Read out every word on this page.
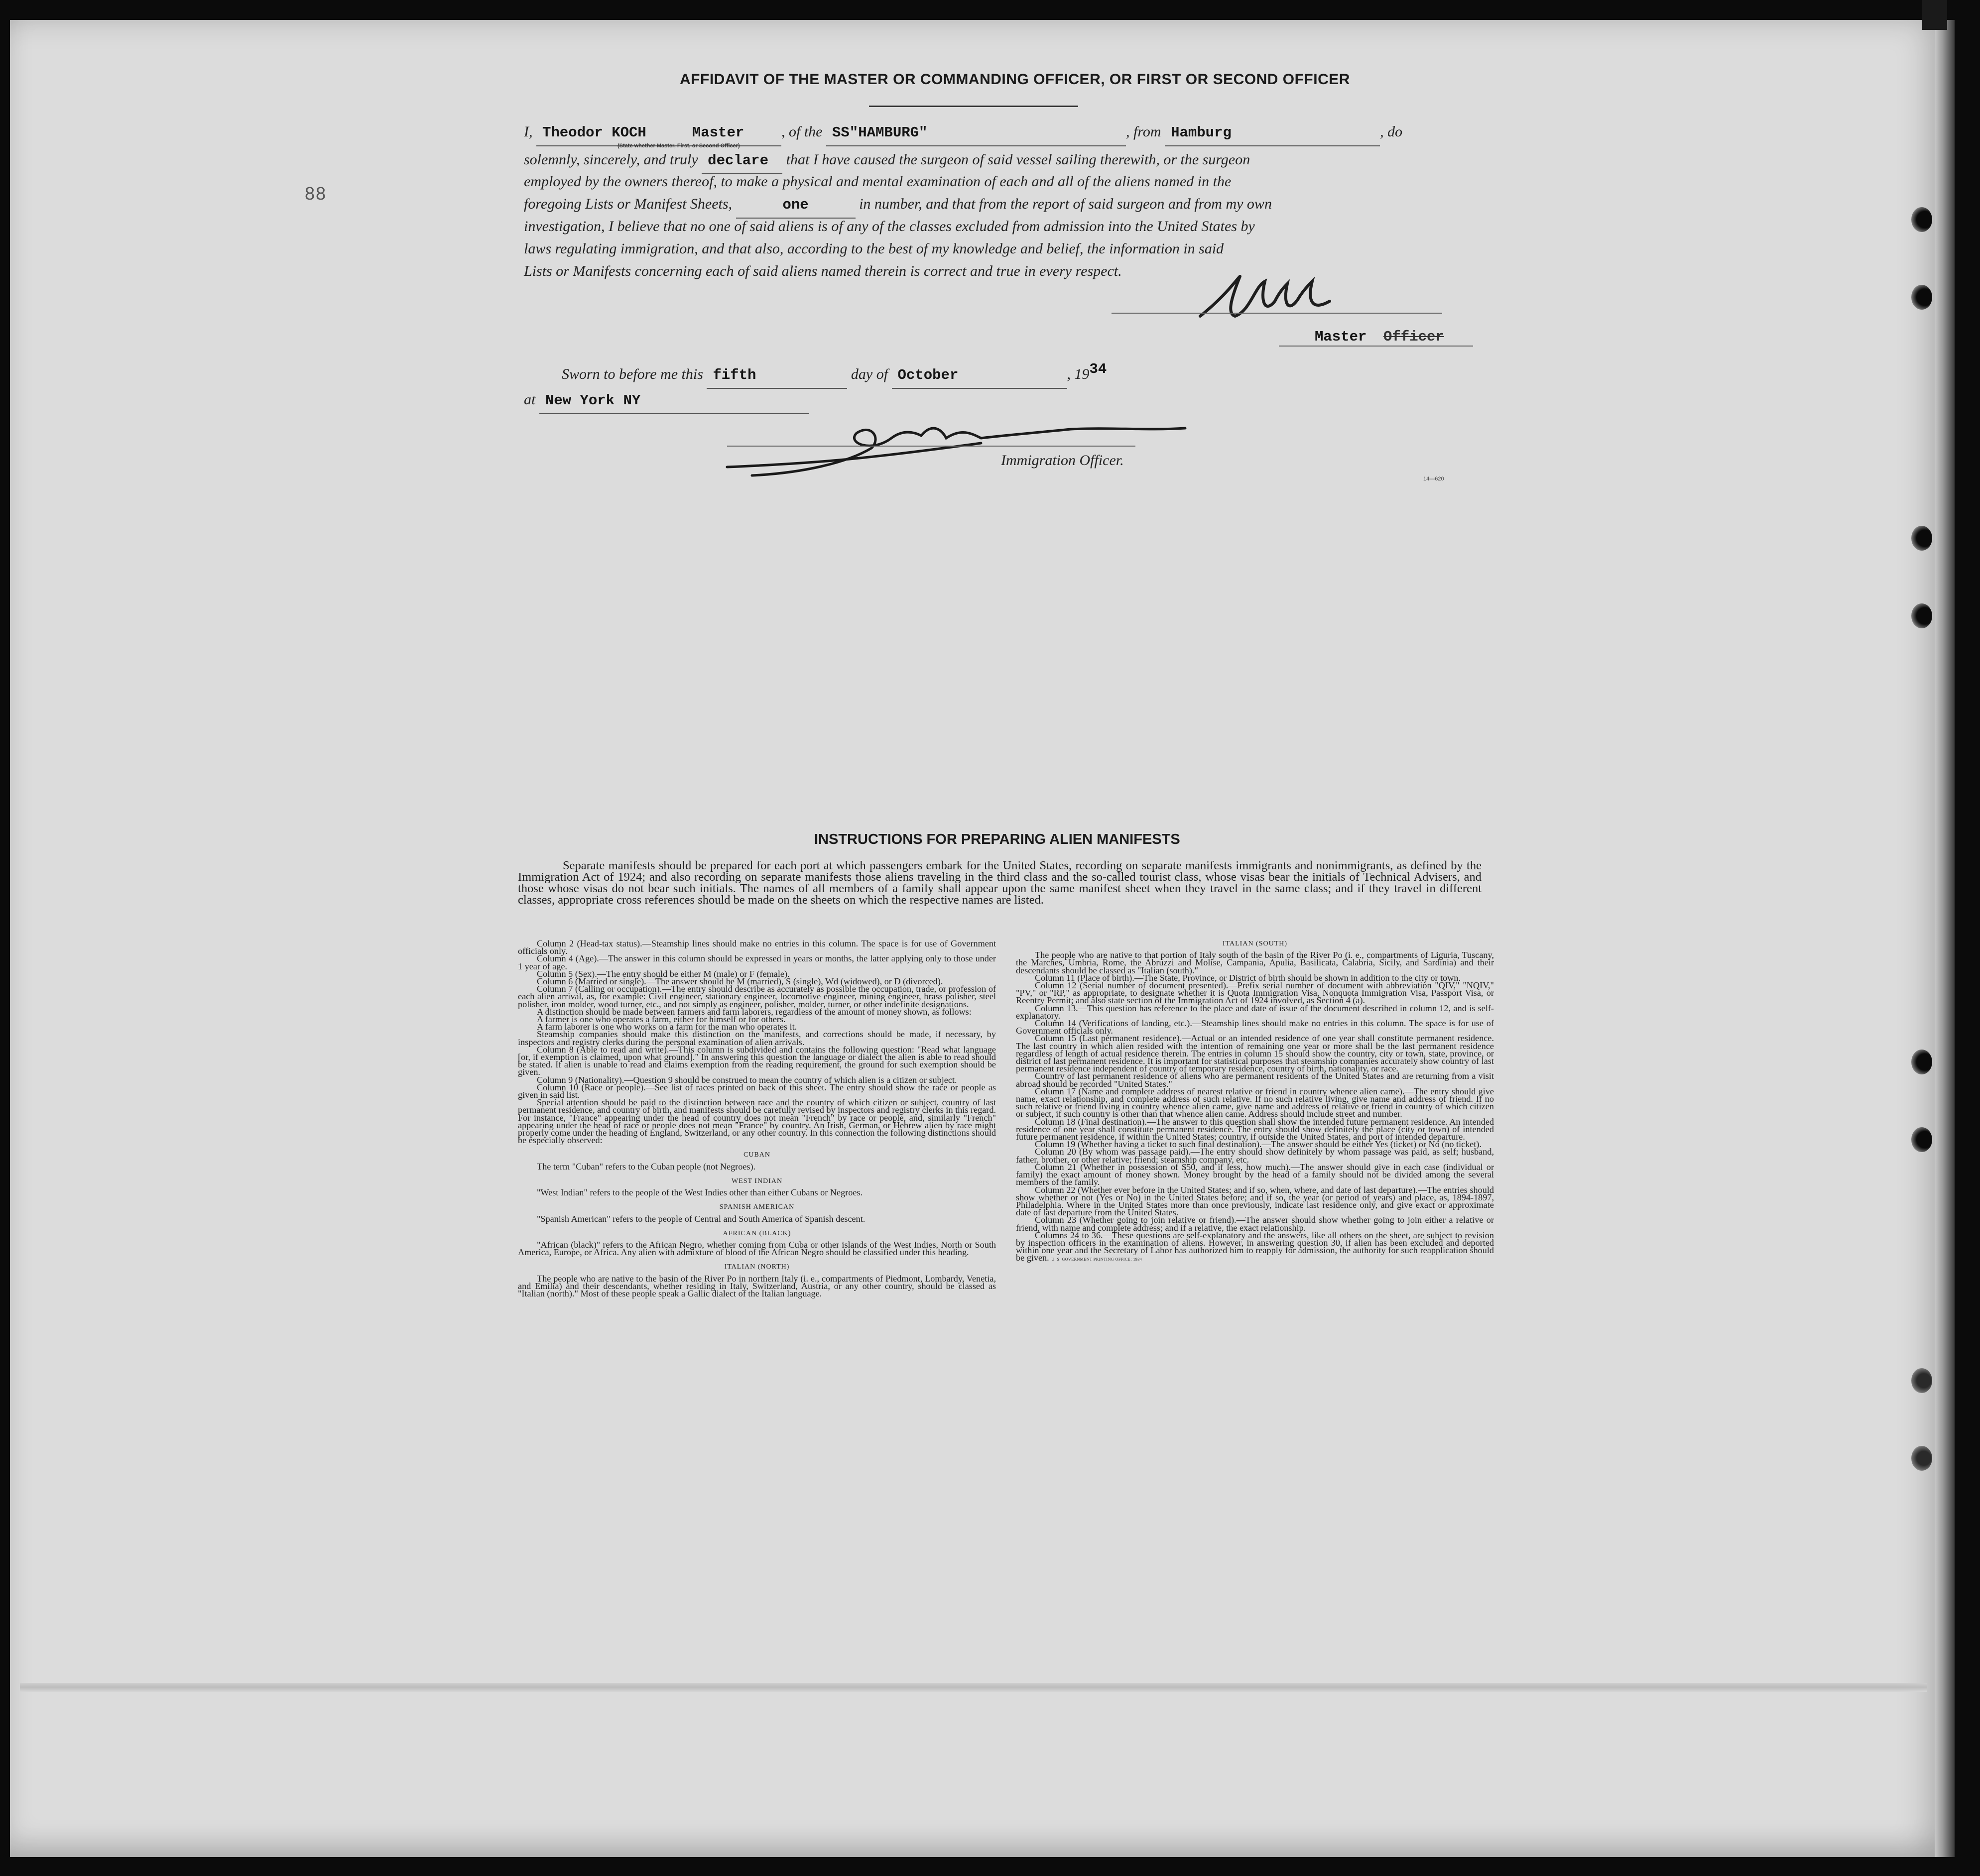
AFFIDAVIT OF THE MASTER OR COMMANDING OFFICER, OR FIRST OR SECOND OFFICER
88
I, Theodor KOCH	Master , of the SS"HAMBURG"	, from Hamburg	, do
(State whether Master, First, or Second Officer)
solemnly, sincerely, and truly declare that I have caused the surgeon of said vessel sailing therewith, or the surgeon
employed by the owners thereof, to make a physical and mental examination of each and all of the aliens named in the
foregoing Lists or Manifest Sheets,	one	in number, and that from the report of said surgeon and from my own
investigation, I believe that no one of said aliens is of any of the classes excluded from admission into the United States by
laws regulating immigration, and that also, according to the best of my knowledge and belief, the information in said
Lists or Manifests concerning each of said aliens named therein is correct and true in every respect.
Master Officer
Sworn to before me this fifth	day of October	, 1934
at New York NY
Immigration Officer.
14—620
INSTRUCTIONS FOR PREPARING ALIEN MANIFESTS
Separate manifests should be prepared for each port at which passengers embark for the United States, recording on separate manifests immigrants and nonimmigrants, as defined by the Immigration Act of 1924; and also recording on separate manifests those aliens traveling in the third class and the so-called tourist class, whose visas bear the initials of Technical Advisers, and those whose visas do not bear such initials. The names of all members of a family shall appear upon the same manifest sheet when they travel in the same class; and if they travel in different classes, appropriate cross references should be made on the sheets on which the respective names are listed.

Column 2 (Head-tax status).—Steamship lines should make no entries in this column. The space is for use of Government officials only.

Column 4 (Age).—The answer in this column should be expressed in years or months, the latter applying only to those under 1 year of age.

Column 5 (Sex).—The entry should be either M (male) or F (female).

Column 6 (Married or single).—The answer should be M (married), S (single), Wd (widowed), or D (divorced).

Column 7 (Calling or occupation).—The entry should describe as accurately as possible the occupation, trade, or profession of each alien arrival, as, for example: Civil engineer, stationary engineer, locomotive engineer, mining engineer, brass polisher, steel polisher, iron molder, wood turner, etc., and not simply as engineer, polisher, molder, turner, or other indefinite designations.

A distinction should be made between farmers and farm laborers, regardless of the amount of money shown, as follows:

A farmer is one who operates a farm, either for himself or for others.

A farm laborer is one who works on a farm for the man who operates it.

Steamship companies should make this distinction on the manifests, and corrections should be made, if necessary, by inspectors and registry clerks during the personal examination of alien arrivals.

Column 8 (Able to read and write).—This column is subdivided and contains the following question: "Read what language [or, if exemption is claimed, upon what ground]." In answering this question the language or dialect the alien is able to read should be stated. If alien is unable to read and claims exemption from the reading requirement, the ground for such exemption should be given.

Column 9 (Nationality).—Question 9 should be construed to mean the country of which alien is a citizen or subject.

Column 10 (Race or people).—See list of races printed on back of this sheet. The entry should show the race or people as given in said list.

Special attention should be paid to the distinction between race and the country of which citizen or subject, country of last permanent residence, and country of birth, and manifests should be carefully revised by inspectors and registry clerks in this regard. For instance, "France" appearing under the head of country does not mean "French" by race or people, and, similarly "French" appearing under the head of race or people does not mean "France" by country. An Irish, German, or Hebrew alien by race might properly come under the heading of England, Switzerland, or any other country. In this connection the following distinctions should be especially observed:

CUBAN

The term "Cuban" refers to the Cuban people (not Negroes).

WEST INDIAN

"West Indian" refers to the people of the West Indies other than either Cubans or Negroes.

SPANISH AMERICAN

"Spanish American" refers to the people of Central and South America of Spanish descent.

AFRICAN (BLACK)

"African (black)" refers to the African Negro, whether coming from Cuba or other islands of the West Indies, North or South America, Europe, or Africa. Any alien with admixture of blood of the African Negro should be classified under this heading.

ITALIAN (NORTH)

The people who are native to the basin of the River Po in northern Italy (i. e., compartments of Piedmont, Lombardy, Venetia, and Emilia) and their descendants, whether residing in Italy, Switzerland, Austria, or any other country, should be classed as "Italian (north)." Most of these people speak a Gallic dialect of the Italian language.

ITALIAN (SOUTH)

The people who are native to that portion of Italy south of the basin of the River Po (i. e., compartments of Liguria, Tuscany, the Marches, Umbria, Rome, the Abruzzi and Molise, Campania, Apulia, Basilicata, Calabria, Sicily, and Sardinia) and their descendants should be classed as "Italian (south)."

Column 11 (Place of birth).—The State, Province, or District of birth should be shown in addition to the city or town.

Column 12 (Serial number of document presented).—Prefix serial number of document with abbreviation "QIV," "NQIV," "PV," or "RP," as appropriate, to designate whether it is Quota Immigration Visa, Nonquota Immigration Visa, Passport Visa, or Reentry Permit; and also state section of the Immigration Act of 1924 involved, as Section 4 (a).

Column 13.—This question has reference to the place and date of issue of the document described in column 12, and is self-explanatory.

Column 14 (Verifications of landing, etc.).—Steamship lines should make no entries in this column. The space is for use of Government officials only.

Column 15 (Last permanent residence).—Actual or an intended residence of one year shall constitute permanent residence. The last country in which alien resided with the intention of remaining one year or more shall be the last permanent residence regardless of length of actual residence therein. The entries in column 15 should show the country, city or town, state, province, or district of last permanent residence. It is important for statistical purposes that steamship companies accurately show country of last permanent residence independent of country of temporary residence, country of birth, nationality, or race.

Country of last permanent residence of aliens who are permanent residents of the United States and are returning from a visit abroad should be recorded "United States."

Column 17 (Name and complete address of nearest relative or friend in country whence alien came).—The entry should give name, exact relationship, and complete address of such relative. If no such relative living, give name and address of friend. If no such relative or friend living in country whence alien came, give name and address of relative or friend in country of which citizen or subject, if such country is other than that whence alien came. Address should include street and number.

Column 18 (Final destination).—The answer to this question shall show the intended future permanent residence. An intended residence of one year shall constitute permanent residence. The entry should show definitely the place (city or town) of intended future permanent residence, if within the United States; country, if outside the United States, and port of intended departure.

Column 19 (Whether having a ticket to such final destination).—The answer should be either Yes (ticket) or No (no ticket).

Column 20 (By whom was passage paid).—The entry should show definitely by whom passage was paid, as self; husband, father, brother, or other relative; friend; steamship company, etc.

Column 21 (Whether in possession of $50, and if less, how much).—The answer should give in each case (individual or family) the exact amount of money shown. Money brought by the head of a family should not be divided among the several members of the family.

Column 22 (Whether ever before in the United States; and if so, when, where, and date of last departure).—The entries should show whether or not (Yes or No) in the United States before; and if so, the year (or period of years) and place, as, 1894-1897, Philadelphia. Where in the United States more than once previously, indicate last residence only, and give exact or approximate date of last departure from the United States.

Column 23 (Whether going to join relative or friend).—The answer should show whether going to join either a relative or friend, with name and complete address; and if a relative, the exact relationship.

Columns 24 to 36.—These questions are self-explanatory and the answers, like all others on the sheet, are subject to revision by inspection officers in the examination of aliens. However, in answering question 30, if alien has been excluded and deported within one year and the Secretary of Labor has authorized him to reapply for admission, the authority for such reapplication should be given. U. S. GOVERNMENT PRINTING OFFICE: 1934
